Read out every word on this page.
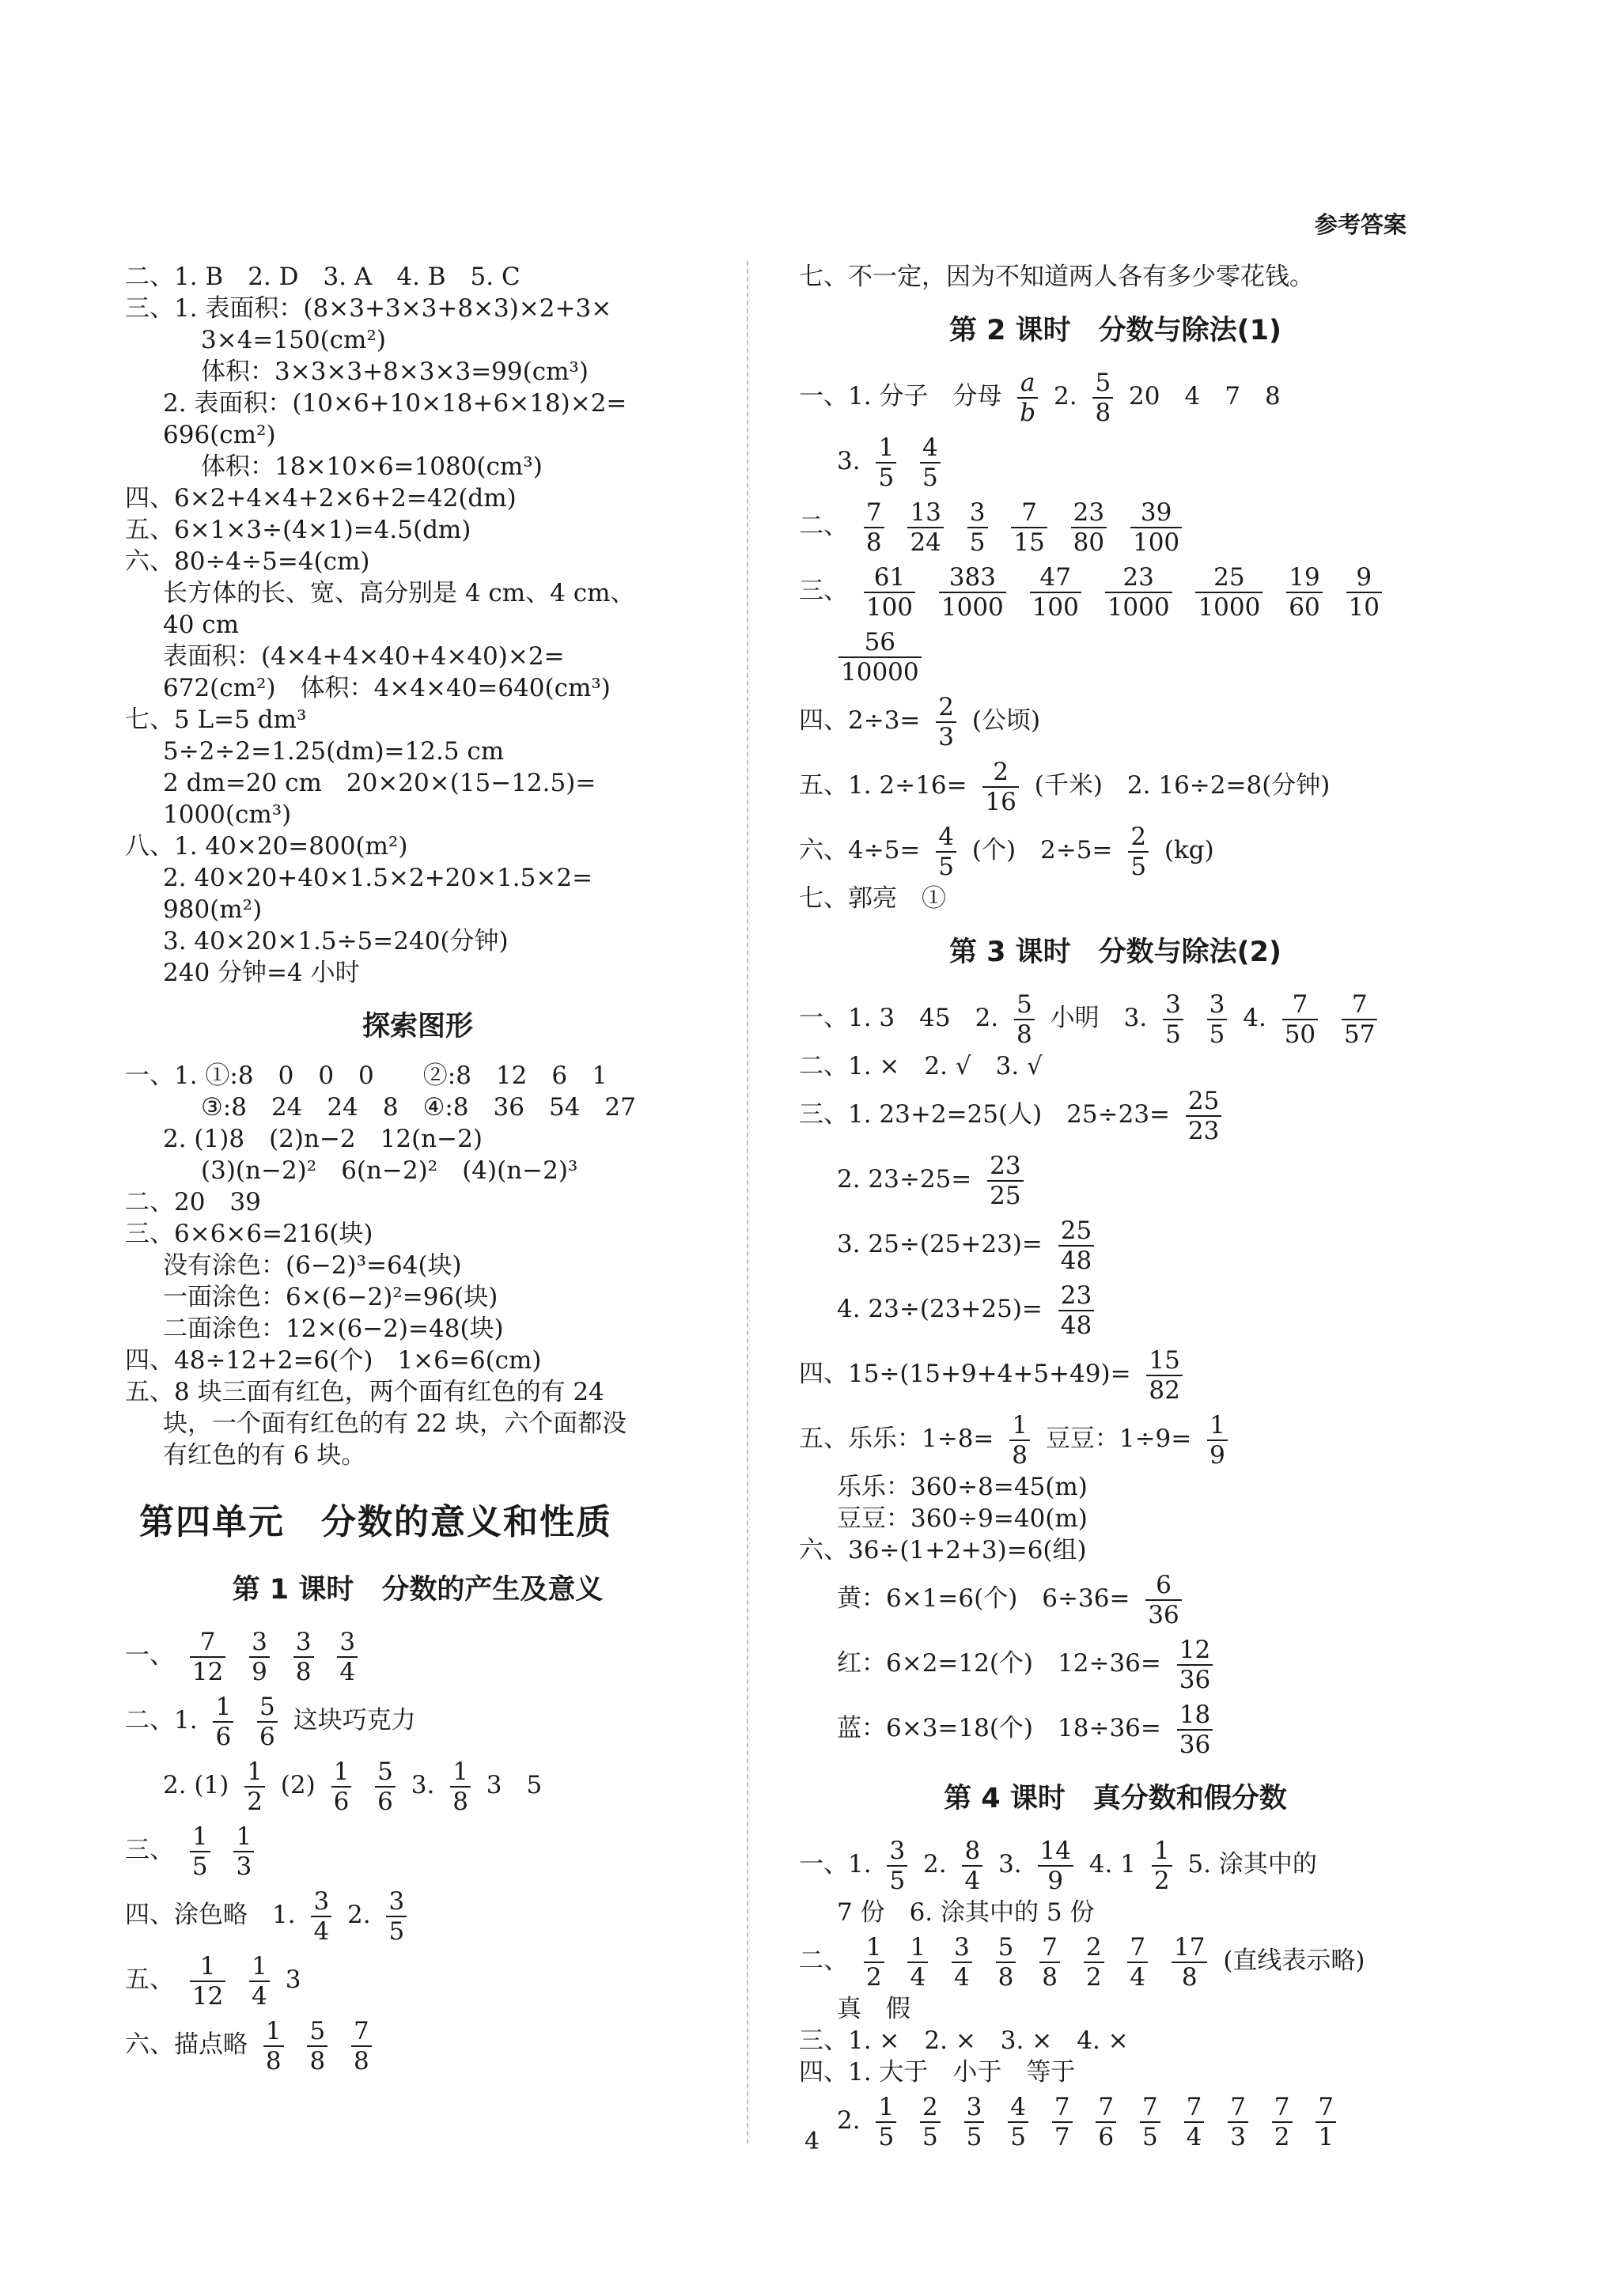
参考答案
二、1. B　2. D　3. A　4. B　5. C
三、1. 表面积：(8×3+3×3+8×3)×2+3×
3×4=150(cm²)
体积：3×3×3+8×3×3=99(cm³)
2. 表面积：(10×6+10×18+6×18)×2=
696(cm²)
体积：18×10×6=1080(cm³)
四、6×2+4×4+2×6+2=42(dm)
五、6×1×3÷(4×1)=4.5(dm)
六、80÷4÷5=4(cm)
长方体的长、宽、高分别是 4 cm、4 cm、
40 cm
表面积：(4×4+4×40+4×40)×2=
672(cm²)　体积：4×4×40=640(cm³)
七、5 L=5 dm³
5÷2÷2=1.25(dm)=12.5 cm
2 dm=20 cm　20×20×(15−12.5)=
1000(cm³)
八、1. 40×20=800(m²)
2. 40×20+40×1.5×2+20×1.5×2=
980(m²)
3. 40×20×1.5÷5=240(分钟)
240 分钟=4 小时
探索图形
一、1. ①:8　0　0　0　　②:8　12　6　1
③:8　24　24　8　④:8　36　54　27
2. (1)8　(2)n−2　12(n−2)
(3)(n−2)²　6(n−2)²　(4)(n−2)³
二、20　39
三、6×6×6=216(块)
没有涂色：(6−2)³=64(块)
一面涂色：6×(6−2)²=96(块)
二面涂色：12×(6−2)=48(块)
四、48÷12+2=6(个)　1×6=6(cm)
五、8 块三面有红色，两个面有红色的有 24
块，一个面有红色的有 22 块，六个面都没
有红色的有 6 块。
第四单元　分数的意义和性质
第 1 课时　分数的产生及意义
一、 $\frac{7}{12}$
$\frac{3}{9}$
$\frac{3}{8}$
$\frac{3}{4}$
二、1. $\frac{1}{6}$
$\frac{5}{6}$ 这块巧克力
2. $(1) \frac{1}{2} (2) \frac{1}{6}$
$\frac{5}{6} 3$. $\frac{1}{8} 3$　5
三、 $\frac{1}{5}$
$\frac{1}{3}$
四、涂色略　1. $\frac{3}{4} 2$. $\frac{3}{5}$
五、 $\frac{1}{12}$
$\frac{1}{4} 3$
六、描点略 $\frac{1}{8}$
$\frac{5}{8}$
$\frac{7}{8}$
七、不一定，因为不知道两人各有多少零花钱。
第 2 课时　分数与除法(1)
一、1. 分子　分母 $\frac{a}{b} 2$. $\frac{5}{8} 20$　4　7　8
3. $\frac{1}{5}$
$\frac{4}{5}$
二、 $\frac{7}{8}$
$\frac{13}{24}$
$\frac{3}{5}$
$\frac{7}{15}$
$\frac{23}{80}$
$\frac{39}{100}$
三、 $\frac{61}{100}$
$\frac{383}{1000}$
$\frac{47}{100}$
$\frac{23}{1000}$
$\frac{25}{1000}$
$\frac{19}{60}$
$\frac{9}{10}$
$\frac{56}{10000}$
四、$2\div 3= \frac{2}{3}$ (公顷)
五、1. $2\div 16= \frac{2}{16}$ (千米)　2. 16÷2=8(分钟)
六、$4\div 5= \frac{4}{5}$ (个)　$2\div 5= \frac{2}{5} (kg)$
七、郭亮　①
第 3 课时　分数与除法(2)
一、1. 3　45　2. $\frac{5}{8}$ 小明　3. $\frac{3}{5}$
$\frac{3}{5} 4$. $\frac{7}{50}$
$\frac{7}{57}$
二、1. ×　2. √　3. √
三、1. 23+2=25(人)　$25\div 23= \frac{25}{23}$
2. $23\div 25= \frac{23}{25}$
3. $25\div(25+23)= \frac{25}{48}$
4. $23\div(23+25)= \frac{23}{48}$
四、$15\div(15+9+4+5+49)= \frac{15}{82}$
五、乐乐：$1\div 8= \frac{1}{8}$ 豆豆：$1\div 9= \frac{1}{9}$
乐乐：360÷8=45(m)
豆豆：360÷9=40(m)
六、36÷(1+2+3)=6(组)
黄：6×1=6(个)　$6\div 36= \frac{6}{36}$
红：6×2=12(个)　$12\div 36= \frac{12}{36}$
蓝：6×3=18(个)　$18\div 36= \frac{18}{36}$
第 4 课时　真分数和假分数
一、1. $\frac{3}{5} 2$. $\frac{8}{4} 3$. $\frac{14}{9} 4$. $1 \frac{1}{2} 5$. 涂其中的
7 份　6. 涂其中的 5 份
二、 $\frac{1}{2}$
$\frac{1}{4}$
$\frac{3}{4}$
$\frac{5}{8}$
$\frac{7}{8}$
$\frac{2}{2}$
$\frac{7}{4}$
$\frac{17}{8}$ (直线表示略)
真　假
三、1. ×　2. ×　3. ×　4. ×
四、1. 大于　小于　等于
2. $\frac{1}{5}$
$\frac{2}{5}$
$\frac{3}{5}$
$\frac{4}{5}$
$\frac{7}{7}$
$\frac{7}{6}$
$\frac{7}{5}$
$\frac{7}{4}$
$\frac{7}{3}$
$\frac{7}{2}$
$\frac{7}{1}$
4
